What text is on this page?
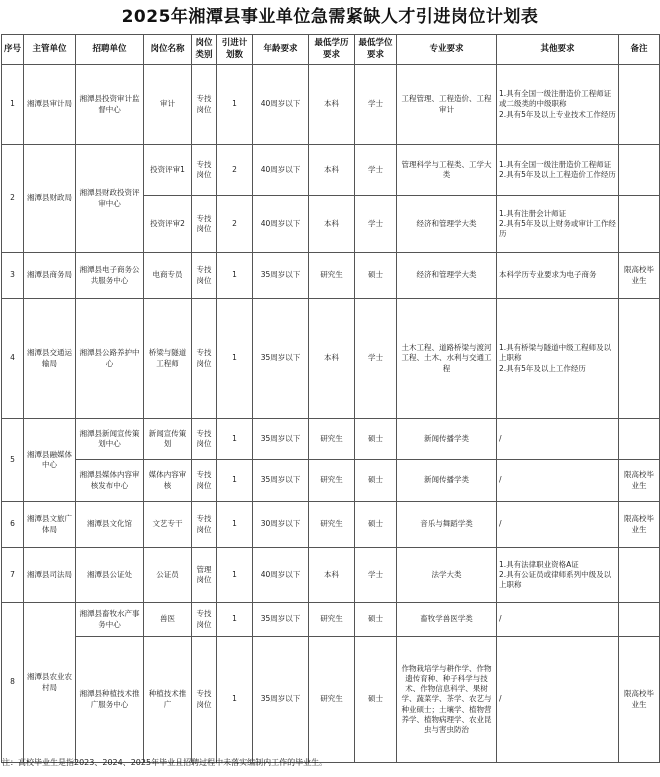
2025年湘潭县事业单位急需紧缺人才引进岗位计划表
序号	主管单位	招聘单位	岗位名称	岗位类别	引进计划数	年龄要求	最低学历要求	最低学位要求	专业要求	其他要求	备注
1	湘潭县审计局	湘潭县投资审计监督中心	审计	专技岗位	1	40周岁以下	本科	学士	工程管理、工程造价、工程审计	1.具有全国一级注册造价工程师证或二级类的中级职称
2.具有5年及以上专业技术工作经历	
2	湘潭县财政局	湘潭县财政投资评审中心	投资评审1	专技岗位	2	40周岁以下	本科	学士	管理科学与工程类、工学大类	1.具有全国一级注册造价工程师证
2.具有5年及以上工程造价工作经历	
			投资评审2	专技岗位	2	40周岁以下	本科	学士	经济和管理学大类	1.具有注册会计师证
2.具有5年及以上财务或审计工作经历	
3	湘潭县商务局	湘潭县电子商务公共服务中心	电商专员	专技岗位	1	35周岁以下	研究生	硕士	经济和管理学大类	本科学历专业要求为电子商务	限高校毕业生
4	湘潭县交通运输局	湘潭县公路养护中心	桥梁与隧道工程师	专技岗位	1	35周岁以下	本科	学士	土木工程、道路桥梁与渡河工程、土木、水利与交通工程	1.具有桥梁与隧道中级工程师及以上职称
2.具有5年及以上工作经历	
5	湘潭县融媒体中心	湘潭县新闻宣传策划中心	新闻宣传策划	专技岗位	1	35周岁以下	研究生	硕士	新闻传播学类	/	
		湘潭县媒体内容审核发布中心	媒体内容审核	专技岗位	1	35周岁以下	研究生	硕士	新闻传播学类	/	限高校毕业生
6	湘潭县文旅广体局	湘潭县文化馆	文艺专干	专技岗位	1	30周岁以下	研究生	硕士	音乐与舞蹈学类	/	限高校毕业生
7	湘潭县司法局	湘潭县公证处	公证员	管理岗位	1	40周岁以下	本科	学士	法学大类	1.具有法律职业资格A证
2.具有公证员或律师系列中级及以上职称	
8	湘潭县农业农村局	湘潭县畜牧水产事务中心	兽医	专技岗位	1	35周岁以下	研究生	硕士	畜牧学兽医学类	/	
		湘潭县种植技术推广服务中心	种植技术推广	专技岗位	1	35周岁以下	研究生	硕士	作物栽培学与耕作学、作物遗传育种、种子科学与技术、作物信息科学、果树学、蔬菜学、茶学、农艺与种业硕士；土壤学、植物营养学、植物病理学、农业昆虫与害虫防治	/	限高校毕业生
注：高校毕业生是指2023、2024、2025年毕业且招聘过程中未落实编制内工作的毕业生。
